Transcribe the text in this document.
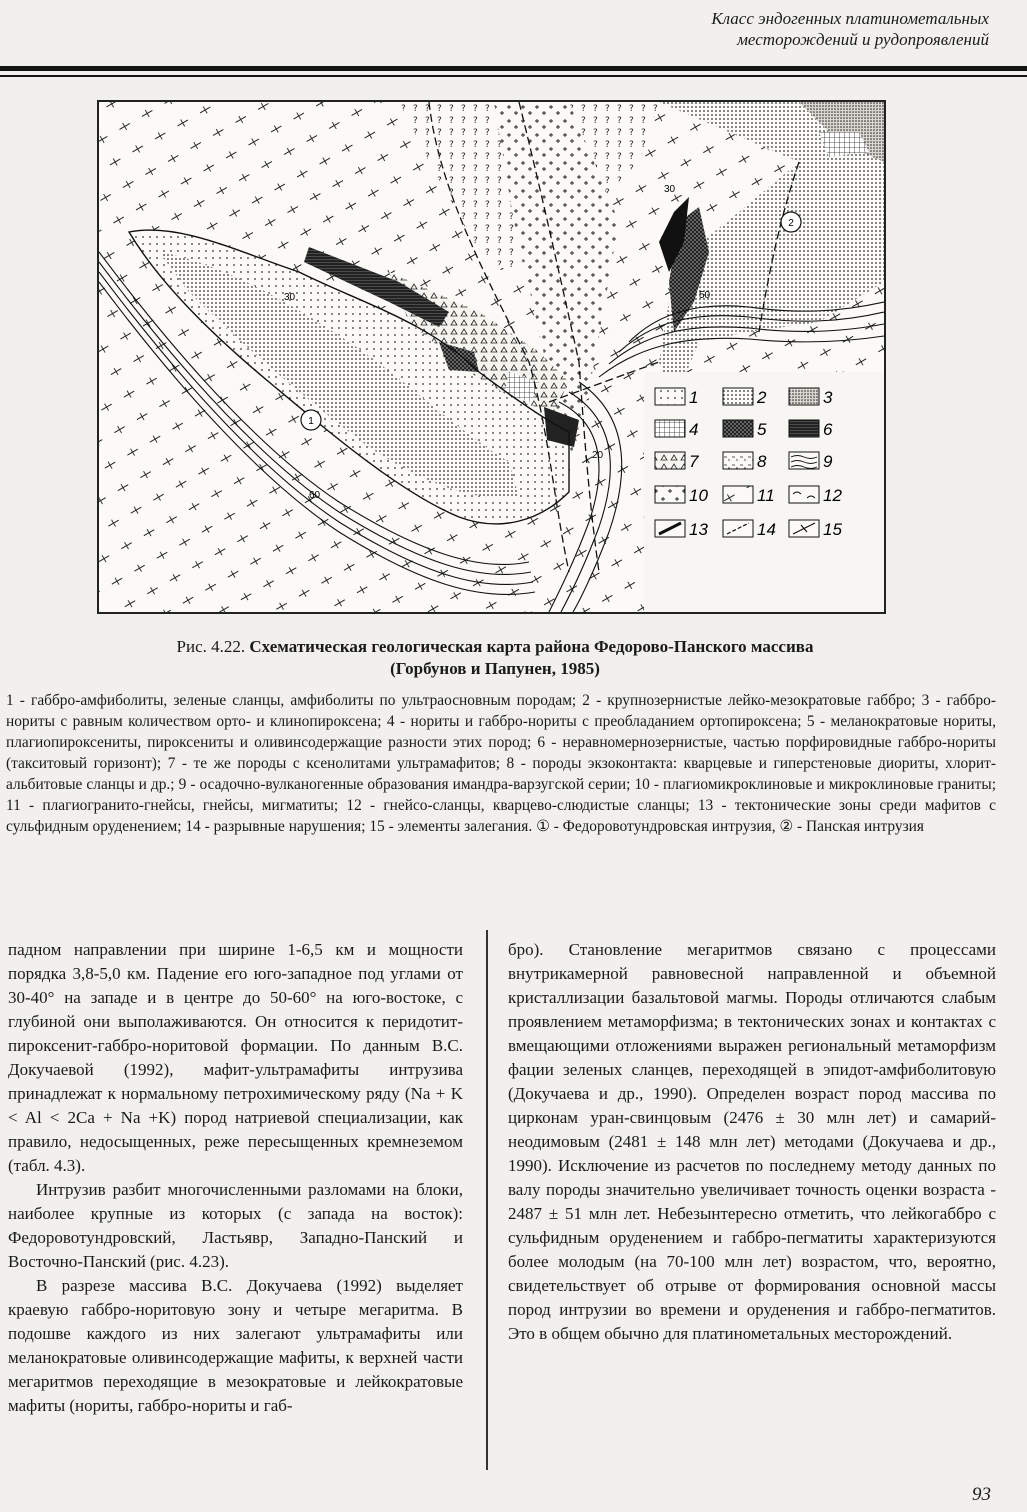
Класс эндогенных платинометальных
месторождений и рудопроявлений
1
2
30
30
50
20
60
1	2	3
4	5	6
7	8	9
10	11	12
13	14	15
Рис. 4.22. Схематическая геологическая карта района Федорово-Панского массива
(Горбунов и Папунен, 1985)

1 - габбро-амфиболиты, зеленые сланцы, амфиболиты по ультраосновным породам; 2 - крупнозернистые лейко-мезократовые габбро; 3 - габбро-нориты с равным количеством орто- и клинопироксена; 4 - нориты и габбро-нориты с преобладанием ортопироксена; 5 - меланократовые нориты, плагиопироксениты, пироксениты и оливинсодержащие разности этих пород; 6 - неравномернозернистые, частью порфировидные габбро-нориты (такситовый горизонт); 7 - те же породы с ксенолитами ультрамафитов; 8 - породы экзоконтакта: кварцевые и гиперстеновые диориты, хлорит-альбитовые сланцы и др.; 9 - осадочно-вулканогенные образования имандра-варзугской серии; 10 - плагиомикроклиновые и микроклиновые граниты; 11 - плагиогранито-гнейсы, гнейсы, мигматиты; 12 - гнейсо-сланцы, кварцево-слюдистые сланцы; 13 - тектонические зоны среди мафитов с сульфидным оруденением; 14 - разрывные нарушения; 15 - элементы залегания. ① - Федоровотундровская интрузия, ② - Панская интрузия

падном направлении при ширине 1-6,5 км и мощности порядка 3,8-5,0 км. Падение его юго-западное под углами от 30-40° на западе и в центре до 50-60° на юго-востоке, с глубиной они выполаживаются. Он относится к перидотит-пироксенит-габбро-норитовой формации. По данным В.С. Докучаевой (1992), мафит-ультрамафиты интрузива принадлежат к нормальному петрохимическому ряду (Na + K < Al < 2Ca + Na +K) пород натриевой специализации, как правило, недосыщенных, реже пересыщенных кремнеземом (табл. 4.3).

Интрузив разбит многочисленными разломами на блоки, наиболее крупные из которых (с запада на восток): Федоровотундровский, Ластьявр, Западно-Панский и Восточно-Панский (рис. 4.23).

В разрезе массива В.С. Докучаева (1992) выделяет краевую габбро-норитовую зону и четыре мегаритма. В подошве каждого из них залегают ультрамафиты или меланократовые оливинсодержащие мафиты, к верхней части мегаритмов переходящие в мезократовые и лейкократовые мафиты (нориты, габбро-нориты и габ-

бро). Становление мегаритмов связано с процессами внутрикамерной равновесной направленной и объемной кристаллизации базальтовой магмы. Породы отличаются слабым проявлением метаморфизма; в тектонических зонах и контактах с вмещающими отложениями выражен региональный метаморфизм фации зеленых сланцев, переходящей в эпидот-амфиболитовую (Докучаева и др., 1990). Определен возраст пород массива по цирконам уран-свинцовым (2476 ± 30 млн лет) и самарий-неодимовым (2481 ± 148 млн лет) методами (Докучаева и др., 1990). Исключение из расчетов по последнему методу данных по валу породы значительно увеличивает точность оценки возраста - 2487 ± 51 млн лет. Небезынтересно отметить, что лейкогаббро с сульфидным оруденением и габбро-пегматиты характеризуются более молодым (на 70-100 млн лет) возрастом, что, вероятно, свидетельствует об отрыве от формирования основной массы пород интрузии во времени и оруденения и габбро-пегматитов. Это в общем обычно для платинометальных месторождений.

93
